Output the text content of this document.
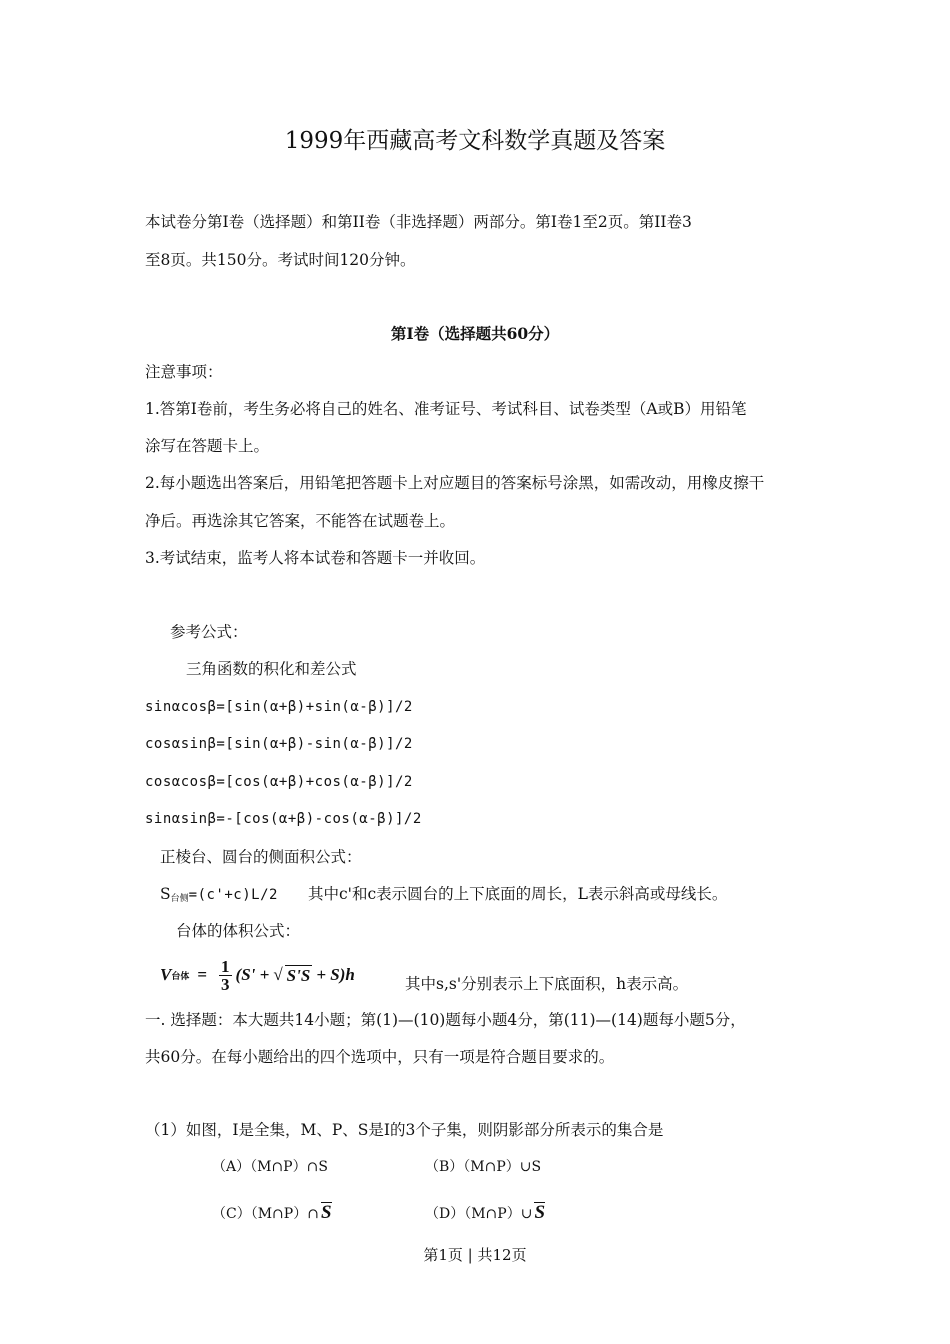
1999年西藏高考文科数学真题及答案
本试卷分第Ⅰ卷（选择题）和第II卷（非选择题）两部分。第Ⅰ卷1至2页。第II卷3
至8页。共150分。考试时间120分钟。
第Ⅰ卷（选择题共60分）
注意事项：
1.答第Ⅰ卷前，考生务必将自己的姓名、准考证号、考试科目、试卷类型（A或B）用铅笔
涂写在答题卡上。
2.每小题选出答案后，用铅笔把答题卡上对应题目的答案标号涂黑，如需改动，用橡皮擦干
净后。再选涂其它答案，不能答在试题卷上。
3.考试结束，监考人将本试卷和答题卡一并收回。
参考公式：
三角函数的积化和差公式
sinαcosβ=[sin(α+β)+sin(α-β)]/2
cosαsinβ=[sin(α+β)-sin(α-β)]/2
cosαcosβ=[cos(α+β)+cos(α-β)]/2
sinαsinβ=-[cos(α+β)-cos(α-β)]/2
正棱台、圆台的侧面积公式：
$S_{台侧}=(c'+c)L/2$ 其中c'和c表示圆台的上下底面的周长，L表示斜高或母线长。
台体的体积公式：
V 台体 = $\frac{1}{3} (S'$ + √ S'S + S)h	其中s,s'分别表示上下底面积，h表示高。
一. 选择题：本大题共14小题；第(1)—(10)题每小题4分，第(11)—(14)题每小题5分，
共60分。在每小题给出的四个选项中，只有一项是符合题目要求的。
（1）如图，I是全集，M、P、S是I的3个子集，则阴影部分所表示的集合是
（A）（M∩P）∩S	（B）（M∩P）∪S
（C）（M∩P）∩ S	（D）（M∩P）∪ S
第1页 | 共12页
